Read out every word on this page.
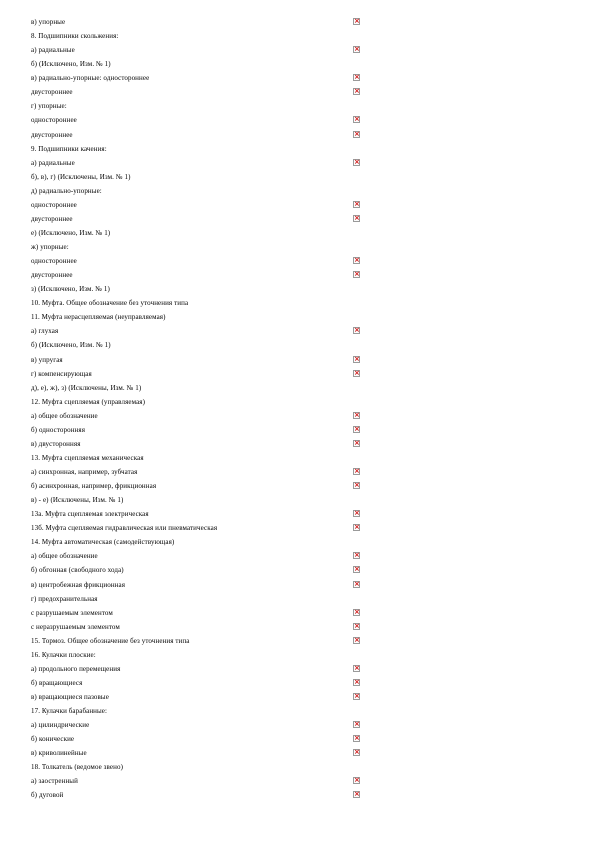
в) упорные
×
8. Подшипники скольжения:
а) радиальные
×
б) (Исключено, Изм. № 1)
в) радиально-упорные: одностороннее
×
двустороннее
×
г) упорные:
одностороннее
×
двустороннее
×
9. Подшипники качения:
а) радиальные
×
б), в), г) (Исключены, Изм. № 1)
д) радиально-упорные:
одностороннее
×
двустороннее
×
е) (Исключено, Изм. № 1)
ж) упорные:
одностороннее
×
двустороннее
×
з) (Исключено, Изм. № 1)
10. Муфта. Общее обозначение без уточнения типа
11. Муфта нерасцепляемая (неуправляемая)
а) глухая
×
б) (Исключено, Изм. № 1)
в) упругая
×
г) компенсирующая
×
д), е), ж), з) (Исключены, Изм. № 1)
12. Муфта сцепляемая (управляемая)
а) общее обозначение
×
б) односторонняя
×
в) двусторонняя
×
13. Муфта сцепляемая механическая
а) синхронная, например, зубчатая
×
б) асинхронная, например, фрикционная
×
в) - е) (Исключены, Изм. № 1)
13а. Муфта сцепляемая электрическая
×
13б. Муфта сцепляемая гидравлическая или пневматическая
×
14. Муфта автоматическая (самодействующая)
а) общее обозначение
×
б) обгонная (свободного хода)
×
в) центробежная фрикционная
×
г) предохранительная
с разрушаемым элементом
×
с неразрушаемым элементом
×
15. Тормоз. Общее обозначение без уточнения типа
×
16. Кулачки плоские:
а) продольного перемещения
×
б) вращающиеся
×
в) вращающиеся пазовые
×
17. Кулачки барабанные:
а) цилиндрические
×
б) конические
×
в) криволинейные
×
18. Толкатель (ведомое звено)
а) заостренный
×
б) дуговой
×
